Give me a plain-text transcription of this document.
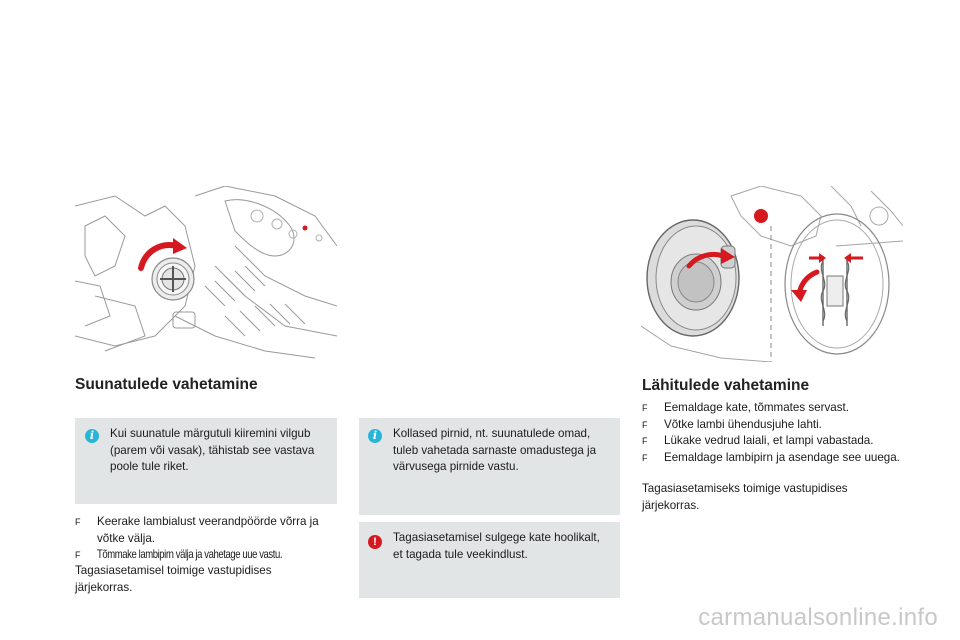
Suunatulede vahetamine
i	Kui suunatule märgutuli kiiremini vilgub (parem või vasak), tähistab see vastava poole tule riket.
F Keerake lambialust veerandpöörde võrra ja võtke välja.
F Tõmmake lambipirn välja ja vahetage uue vastu.
Tagasiasetamisel toimige vastupidises järjekorras.
i	Kollased pirnid, nt. suunatulede omad, tuleb vahetada sarnaste omadustega ja värvusega pirnide vastu.
!	Tagasiasetamisel sulgege kate hoolikalt, et tagada tule veekindlust.
Lähitulede vahetamine
F Eemaldage kate, tõmmates servast.
F Võtke lambi ühendusjuhe lahti.
F Lükake vedrud laiali, et lampi vabastada.
F Eemaldage lambipirn ja asendage see uuega.
Tagasiasetamiseks toimige vastupidises järjekorras.
carmanualsonline.info
